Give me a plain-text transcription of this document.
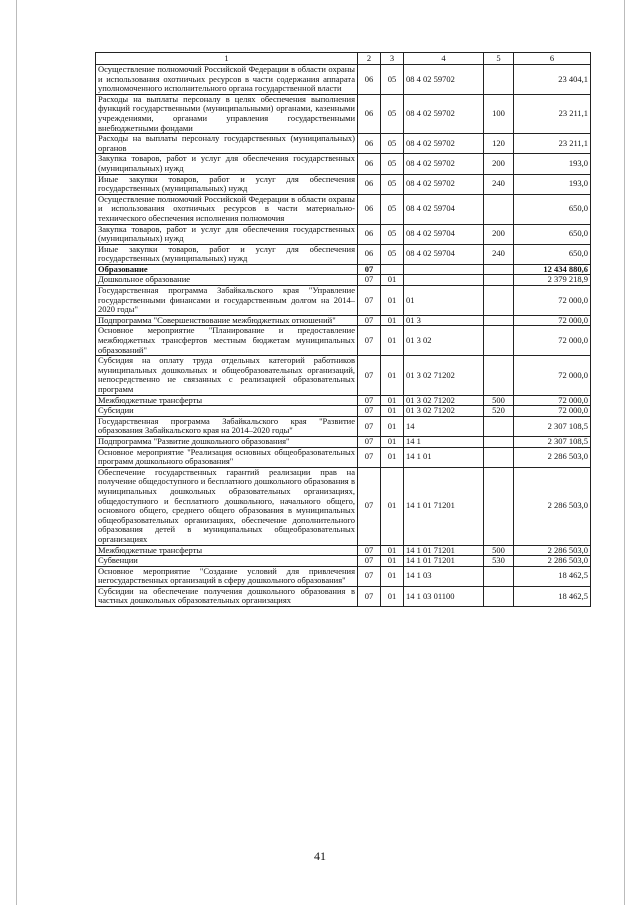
1	2	3	4	5	6
Осуществление полномочий Российской Федерации в области охраны и использования охотничьих ресурсов в части содержания аппарата уполномоченного исполнительного органа государственной власти	06	05	08 4 02 59702		23 404,1
Расходы на выплаты персоналу в целях обеспечения выполнения функций государственными (муниципальными) органами, казенными учреждениями, органами управления государственными внебюджетными фондами	06	05	08 4 02 59702	100	23 211,1
Расходы на выплаты персоналу государственных (муниципальных) органов	06	05	08 4 02 59702	120	23 211,1
Закупка товаров, работ и услуг для обеспечения государственных (муниципальных) нужд	06	05	08 4 02 59702	200	193,0
Иные закупки товаров, работ и услуг для обеспечения государственных (муниципальных) нужд	06	05	08 4 02 59702	240	193,0
Осуществление полномочий Российской Федерации в области охраны и использования охотничьих ресурсов в части материально-технического обеспечения исполнения полномочия	06	05	08 4 02 59704		650,0
Закупка товаров, работ и услуг для обеспечения государственных (муниципальных) нужд	06	05	08 4 02 59704	200	650,0
Иные закупки товаров, работ и услуг для обеспечения государственных (муниципальных) нужд	06	05	08 4 02 59704	240	650,0
Образование	07				12 434 880,6
Дошкольное образование	07	01			2 379 218,9
Государственная программа Забайкальского края "Управление государственными финансами и государственным долгом на 2014–2020 годы"	07	01	01		72 000,0
Подпрограмма "Совершенствование межбюджетных отношений"	07	01	01 3		72 000,0
Основное мероприятие "Планирование и предоставление межбюджетных трансфертов местным бюджетам муниципальных образований"	07	01	01 3 02		72 000,0
Субсидия на оплату труда отдельных категорий работников муниципальных дошкольных и общеобразовательных организаций, непосредственно не связанных с реализацией образовательных программ	07	01	01 3 02 71202		72 000,0
Межбюджетные трансферты	07	01	01 3 02 71202	500	72 000,0
Субсидии	07	01	01 3 02 71202	520	72 000,0
Государственная программа Забайкальского края "Развитие образования Забайкальского края на 2014–2020 годы"	07	01	14		2 307 108,5
Подпрограмма "Развитие дошкольного образования"	07	01	14 1		2 307 108,5
Основное мероприятие "Реализация основных общеобразовательных программ дошкольного образования"	07	01	14 1 01		2 286 503,0
Обеспечение государственных гарантий реализации прав на получение общедоступного и бесплатного дошкольного образования в муниципальных дошкольных образовательных организациях, общедоступного и бесплатного дошкольного, начального общего, основного общего, среднего общего образования в муниципальных общеобразовательных организациях, обеспечение дополнительного образования детей в муниципальных общеобразовательных организациях	07	01	14 1 01 71201		2 286 503,0
Межбюджетные трансферты	07	01	14 1 01 71201	500	2 286 503,0
Субвенции	07	01	14 1 01 71201	530	2 286 503,0
Основное мероприятие "Создание условий для привлечения негосударственных организаций в сферу дошкольного образования"	07	01	14 1 03		18 462,5
Субсидии на обеспечение получения дошкольного образования в частных дошкольных образовательных организациях	07	01	14 1 03 01100		18 462,5
41
